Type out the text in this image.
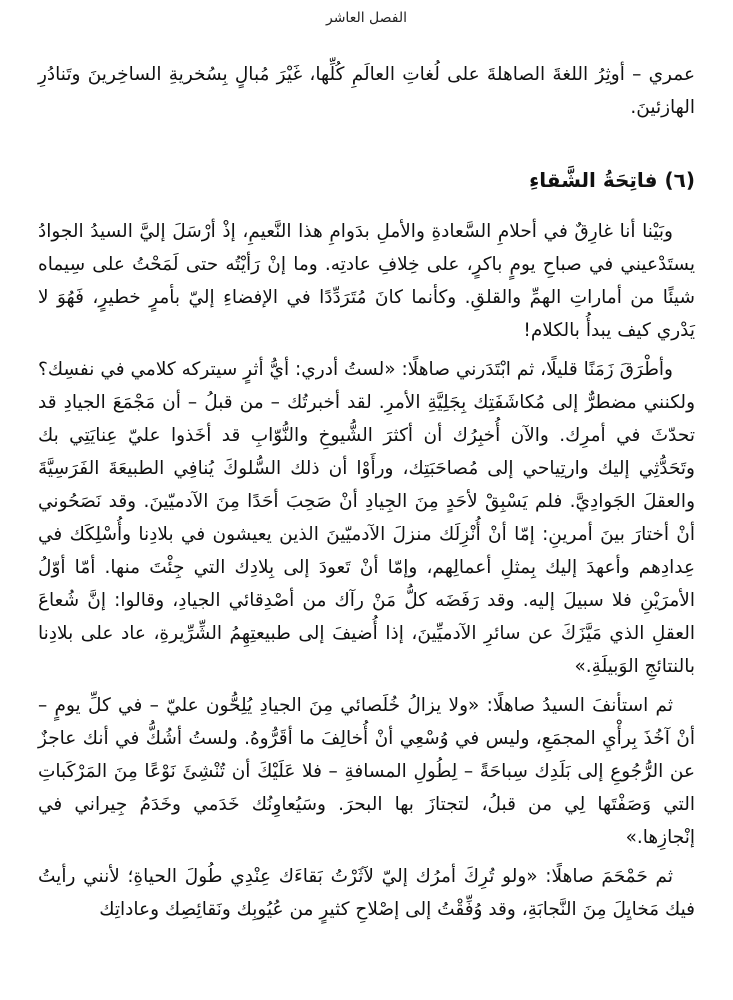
الفصل العاشر

عمري – أوثِرُ اللغةَ الصاهلةَ على لُغاتِ العالَمِ كُلِّها، غَيْرَ مُبالٍ بِسُخريةِ الساخِرينَ وتَنادُرِ الهازئينَ.

(٦) فاتِحَةُ الشَّقاءِ

وبَيْنا أنا غارِقٌ في أحلامِ السَّعادةِ والأملِ بدَوامِ هذا النَّعيمِ، إذْ أرْسَلَ إليَّ السيدُ الجوادُ يستَدْعيني في صباحِ يومٍ باكرٍ، على خِلافِ عادتِه. وما إنْ رَأيْتُه حتى لَمَحْتُ على سِيماه شيئًا من أماراتِ الهمِّ والقلقِ. وكأنما كانَ مُتَرَدِّدًا في الإفضاءِ إليّ بأمرٍ خطيرٍ، فَهُوَ لا يَدْري كيف يبدأُ بالكلام!

وأطْرَقَ زَمَنًا قليلًا، ثم ابْتَدَرني صاهلًا: «لستُ أدري: أيُّ أثرٍ سيتركه كلامي في نفسِك؟ ولكنني مضطرٌّ إلى مُكاشَفَتِك بِجَلِيَّةِ الأمرِ. لقد أخبرتُك – من قبلُ – أن مَجْمَعَ الجيادِ قد تحدّثَ في أمرِك. والآن أُخبِرُك أن أكثرَ الشُّيوخِ والنُّوّابِ قد أخَذوا عليّ عِنايَتِي بك وتَحَدُّثِي إليك وارتِياحي إلى مُصاحَبَتِك، ورأَوْا أن ذلك السُّلوكَ يُنافِي الطبيعَةَ الفَرَسِيَّةَ والعقلَ الجَوادِيَّ. فلم يَسْبِقْ لأحَدٍ مِنَ الجِيادِ أنْ صَحِبَ أحَدًا مِنَ الآدميّينَ. وقد نَصَحُوني أنْ أختارَ بينَ أمرينِ: إمّا أنْ أُنْزِلَك منزلَ الآدميّينَ الذين يعيشون في بلادِنا وأُسْلِكَك في عِدادِهم وأعهدَ إليك بِمثلِ أعمالِهم، وإمّا أنْ تَعودَ إلى بِلادِك التي جِئْتَ منها. أمّا أوّلُ الأمرَيْنِ فلا سبيلَ إليه. وقد رَفَضَه كلُّ مَنْ رآك من أصْدِقائي الجيادِ، وقالوا: إنَّ شُعاعَ العقلِ الذي مَيَّزَكَ عن سائرِ الآدميِّينَ، إذا أُضيفَ إلى طبيعتِهِمُ الشِّرِّيرةِ، عاد على بلادِنا بالنتائجِ الوَبيلَةِ.»

ثم استأنفَ السيدُ صاهلًا: «ولا يزالُ خُلَصائي مِنَ الجيادِ يُلِحُّون عليّ – في كلِّ يومٍ – أنْ آخُذَ بِرأْيِ المجمَعِ، وليس في وُسْعِي أنْ أُخالِفَ ما أقَرُّوهُ. ولستُ أشُكُّ في أنك عاجزٌ عن الرُّجُوعِ إلى بَلَدِك سِباحَةً – لِطُولِ المسافةِ – فلا عَلَيْكَ أن تُنْشِئَ نَوْعًا مِنَ المَرْكَباتِ التي وَصَفْتَها لِي من قبلُ، لتجتازَ بها البحرَ. وسَيُعاوِنُك خَدَمي وخَدَمُ جِيراني في إنْجازِها.»

ثم حَمْحَمَ صاهلًا: «ولو تُرِكَ أمرُك إليّ لآثَرْتُ بَقاءَك عِنْدِي طُولَ الحياةِ؛ لأنني رأيتُ فيك مَخايِلَ مِنَ النَّجابَةِ، وقد وُفِّقْتُ إلى إصْلاحِ كثيرٍ من عُيُوبِك ونَقائِصِك وعاداتِك
